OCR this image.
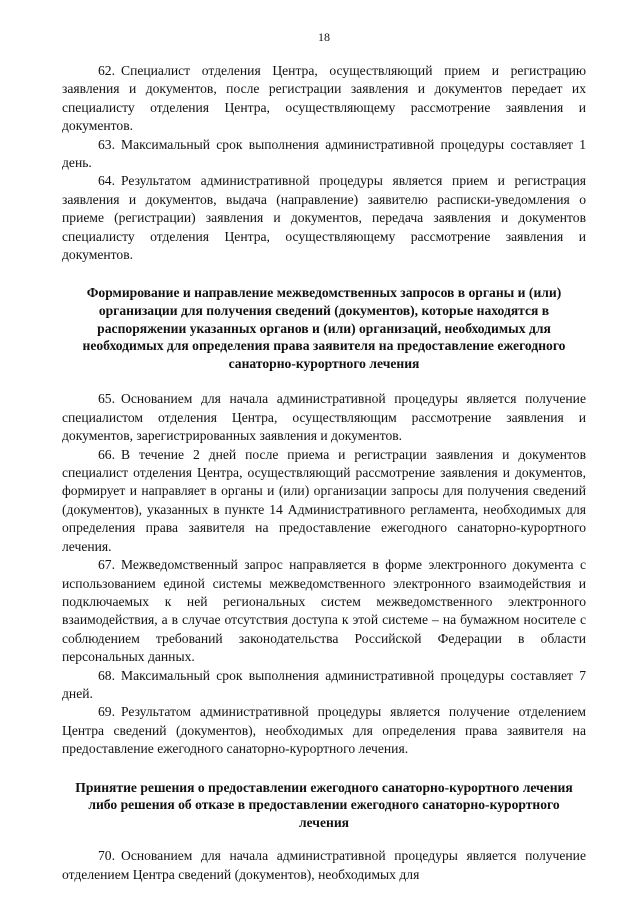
18

62. Специалист отделения Центра, осуществляющий прием и регистрацию заявления и документов, после регистрации заявления и документов передает их специалисту отделения Центра, осуществляющему рассмотрение заявления и документов.

63. Максимальный срок выполнения административной процедуры составляет 1 день.

64. Результатом административной процедуры является прием и регистрация заявления и документов, выдача (направление) заявителю расписки-уведомления о приеме (регистрации) заявления и документов, передача заявления и документов специалисту отделения Центра, осуществляющему рассмотрение заявления и документов.

Формирование и направление межведомственных запросов в органы и (или) организации для получения сведений (документов), которые находятся в распоряжении указанных органов и (или) организаций, необходимых для необходимых для определения права заявителя на предоставление ежегодного санаторно-курортного лечения

65. Основанием для начала административной процедуры является получение специалистом отделения Центра, осуществляющим рассмотрение заявления и документов, зарегистрированных заявления и документов.

66. В течение 2 дней после приема и регистрации заявления и документов специалист отделения Центра, осуществляющий рассмотрение заявления и документов, формирует и направляет в органы и (или) организации запросы для получения сведений (документов), указанных в пункте 14 Административного регламента, необходимых для определения права заявителя на предоставление ежегодного санаторно-курортного лечения.

67. Межведомственный запрос направляется в форме электронного документа с использованием единой системы межведомственного электронного взаимодействия и подключаемых к ней региональных систем межведомственного электронного взаимодействия, а в случае отсутствия доступа к этой системе – на бумажном носителе с соблюдением требований законодательства Российской Федерации в области персональных данных.

68. Максимальный срок выполнения административной процедуры составляет 7 дней.

69. Результатом административной процедуры является получение отделением Центра сведений (документов), необходимых для определения права заявителя на предоставление ежегодного санаторно-курортного лечения.

Принятие решения о предоставлении ежегодного санаторно-курортного лечения либо решения об отказе в предоставлении ежегодного санаторно-курортного лечения

70. Основанием для начала административной процедуры является получение отделением Центра сведений (документов), необходимых для
